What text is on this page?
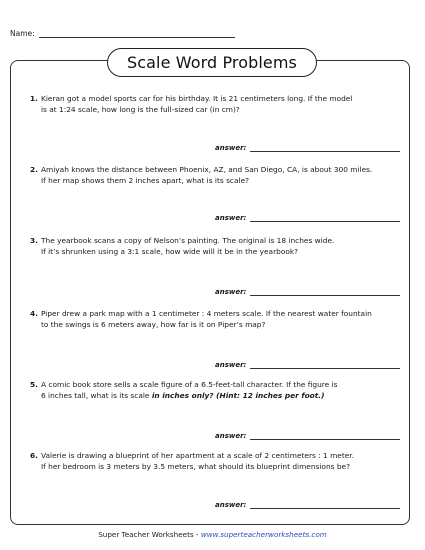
Name:
Scale Word Problems
1. Kieran got a model sports car for his birthday. It is 21 centimeters long. If the model
is at 1:24 scale, how long is the full-sized car (in cm)?
answer:
2. Amiyah knows the distance between Phoenix, AZ, and San Diego, CA, is about 300 miles.
If her map shows them 2 inches apart, what is its scale?
answer:
3. The yearbook scans a copy of Nelson’s painting. The original is 18 inches wide.
If it’s shrunken using a 3:1 scale, how wide will it be in the yearbook?
answer:
4. Piper drew a park map with a 1 centimeter : 4 meters scale. If the nearest water fountain
to the swings is 6 meters away, how far is it on Piper’s map?
answer:
5. A comic book store sells a scale figure of a 6.5-feet-tall character. If the figure is
6 inches tall, what is its scale in inches only? (Hint: 12 inches per foot.)
answer:
6. Valerie is drawing a blueprint of her apartment at a scale of 2 centimeters : 1 meter.
If her bedroom is 3 meters by 3.5 meters, what should its blueprint dimensions be?
answer:
Super Teacher Worksheets - www.superteacherworksheets.com
